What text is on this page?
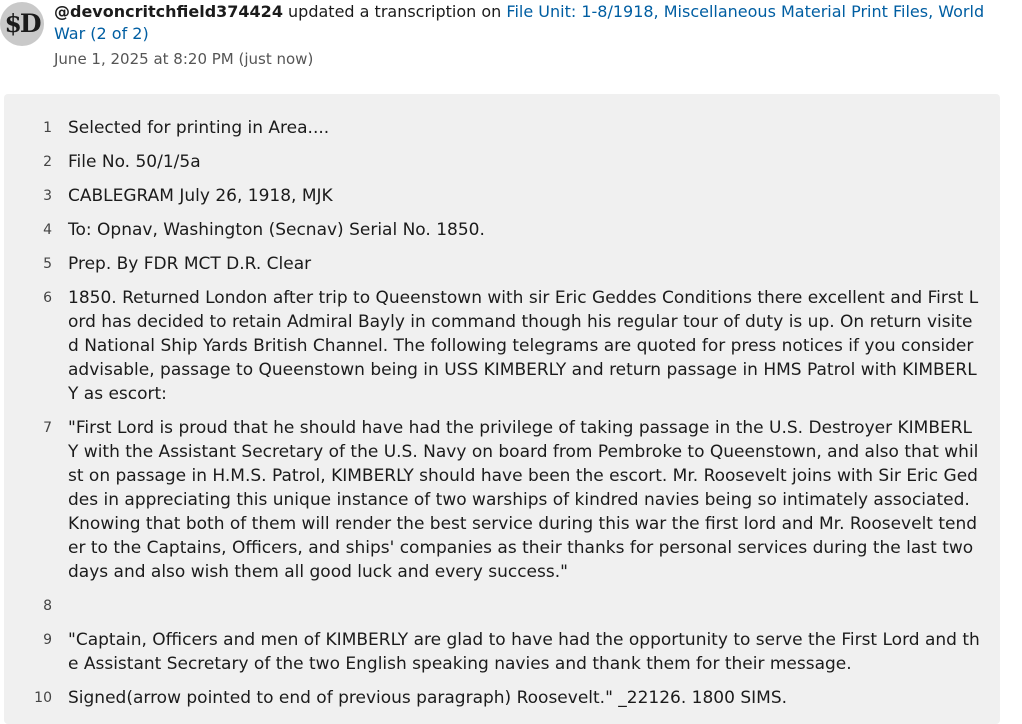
$D @devoncritchfield374424 updated a transcription on File Unit: 1-8/1918, Miscellaneous Material Print Files, World War (2 of 2)
June 1, 2025 at 8:20 PM (just now)
1 Selected for printing in Area....
2 File No. 50/1/5a
3 CABLEGRAM July 26, 1918, MJK
4 To: Opnav, Washington (Secnav) Serial No. 1850.
5 Prep. By FDR MCT D.R. Clear
6 1850. Returned London after trip to Queenstown with sir Eric Geddes Conditions there excellent and First Lord has decided to retain Admiral Bayly in command though his regular tour of duty is up. On return visited National Ship Yards British Channel. The following telegrams are quoted for press notices if you consider advisable, passage to Queenstown being in USS KIMBERLY and return passage in HMS Patrol with KIMBERLY as escort:
7 "First Lord is proud that he should have had the privilege of taking passage in the U.S. Destroyer KIMBERLY with the Assistant Secretary of the U.S. Navy on board from Pembroke to Queenstown, and also that whilst on passage in H.M.S. Patrol, KIMBERLY should have been the escort. Mr. Roosevelt joins with Sir Eric Geddes in appreciating this unique instance of two warships of kindred navies being so intimately associated. Knowing that both of them will render the best service during this war the first lord and Mr. Roosevelt tender to the Captains, Officers, and ships' companies as their thanks for personal services during the last two days and also wish them all good luck and every success."
8
9 "Captain, Officers and men of KIMBERLY are glad to have had the opportunity to serve the First Lord and the Assistant Secretary of the two English speaking navies and thank them for their message.
10 Signed(arrow pointed to end of previous paragraph) Roosevelt." _22126. 1800 SIMS.
